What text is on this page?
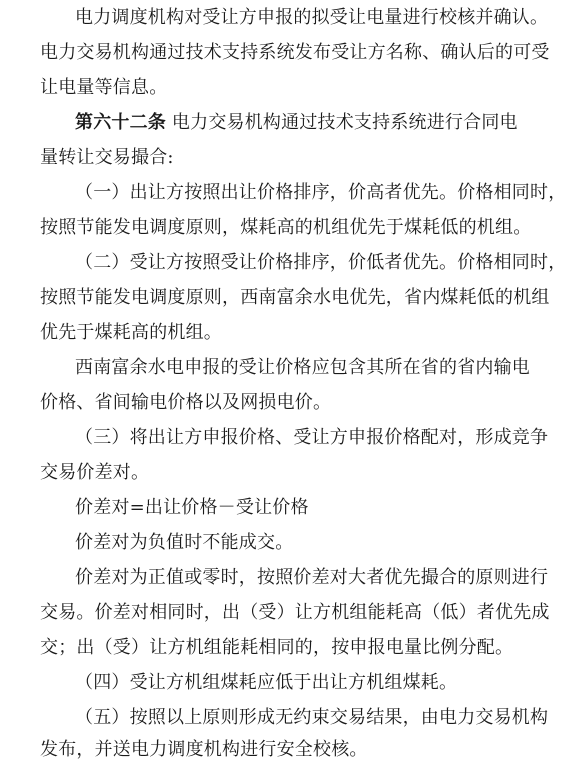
电力调度机构对受让方申报的拟受让电量进行校核并确认。
电力交易机构通过技术支持系统发布受让方名称、确认后的可受
让电量等信息。
第六十二条 电力交易机构通过技术支持系统进行合同电
量转让交易撮合:
（一）出让方按照出让价格排序，价高者优先。价格相同时，
按照节能发电调度原则，煤耗高的机组优先于煤耗低的机组。
（二）受让方按照受让价格排序，价低者优先。价格相同时，
按照节能发电调度原则，西南富余水电优先，省内煤耗低的机组
优先于煤耗高的机组。
西南富余水电申报的受让价格应包含其所在省的省内输电
价格、省间输电价格以及网损电价。
（三）将出让方申报价格、受让方申报价格配对，形成竞争
交易价差对。
价差对=出让价格－受让价格
价差对为负值时不能成交。
价差对为正值或零时，按照价差对大者优先撮合的原则进行
交易。价差对相同时，出（受）让方机组能耗高（低）者优先成
交；出（受）让方机组能耗相同的，按申报电量比例分配。
（四）受让方机组煤耗应低于出让方机组煤耗。
（五）按照以上原则形成无约束交易结果，由电力交易机构
发布，并送电力调度机构进行安全校核。
